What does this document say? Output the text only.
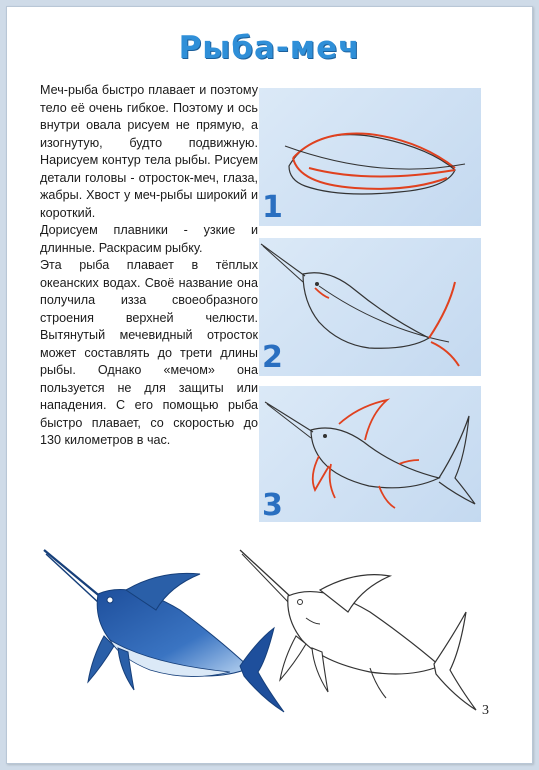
Рыба-меч

Меч-рыба быстро плавает и поэтому тело её очень гибкое. Поэтому и ось внутри овала рисуем не прямую, а изогнутую, будто подвижную. Нарисуем контур тела рыбы. Рисуем детали головы - отросток-меч, глаза, жабры. Хвост у меч-рыбы широкий и короткий.

Дорисуем плавники - узкие и длинные. Раскрасим рыбку.

Эта рыба плавает в тёплых океанских водах. Своё название она получила изза своеобразного строения верхней челюсти. Вытянутый мечевидный отросток может составлять до трети длины рыбы. Однако «мечом» она пользуется не для защиты или нападения. С его помощью рыба быстро плавает, со скоростью до 130 километров в час.

1
2
3
3
